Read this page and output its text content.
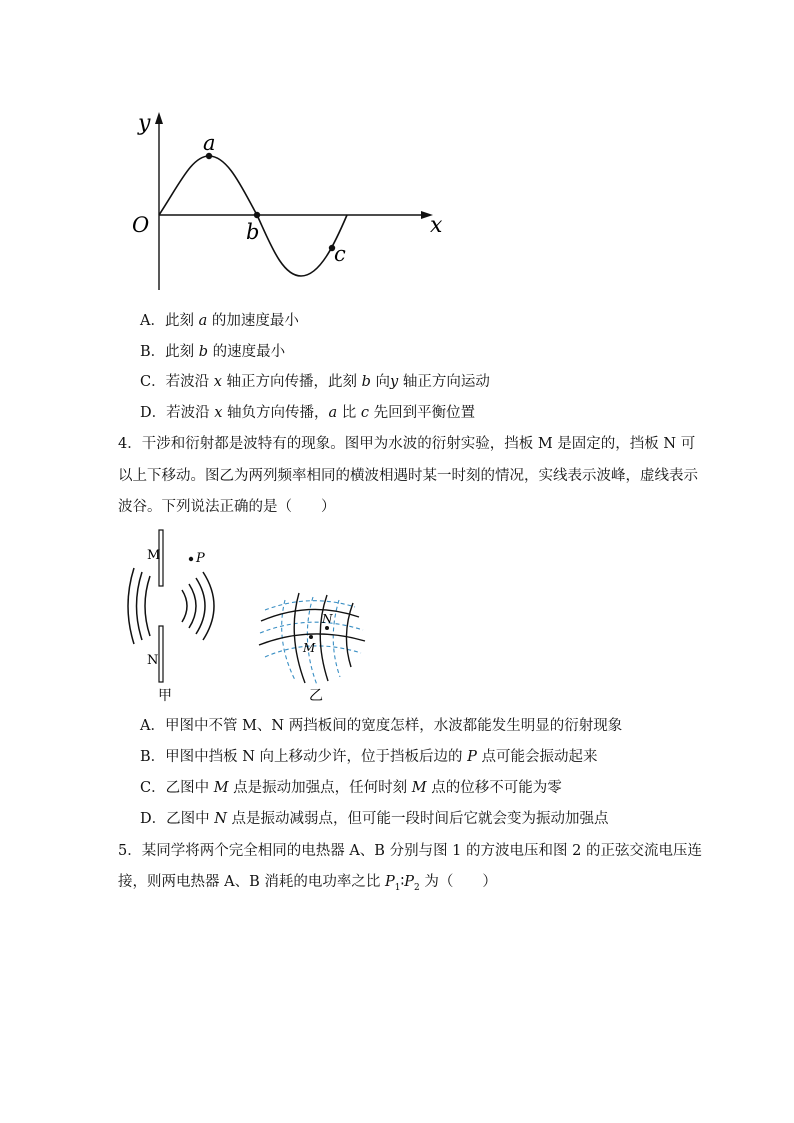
y
x
O
a
b
c
A．此刻 a 的加速度最小
B．此刻 b 的速度最小
C．若波沿 x 轴正方向传播，此刻 b 向y 轴正方向运动
D．若波沿 x 轴负方向传播，a 比 c 先回到平衡位置
4．干涉和衍射都是波特有的现象。图甲为水波的衍射实验，挡板 M 是固定的，挡板 N 可
以上下移动。图乙为两列频率相同的横波相遇时某一时刻的情况，实线表示波峰，虚线表示
波谷。下列说法正确的是（　　）
P
M
N
甲
N
M
乙
A．甲图中不管 M、N 两挡板间的宽度怎样，水波都能发生明显的衍射现象
B．甲图中挡板 N 向上移动少许，位于挡板后边的 P 点可能会振动起来
C．乙图中 M 点是振动加强点，任何时刻 M 点的位移不可能为零
D．乙图中 N 点是振动减弱点，但可能一段时间后它就会变为振动加强点
5．某同学将两个完全相同的电热器 A、B 分别与图 1 的方波电压和图 2 的正弦交流电压连
接，则两电热器 A、B 消耗的电功率之比 $P_1∶P_2$ 为（　　）
